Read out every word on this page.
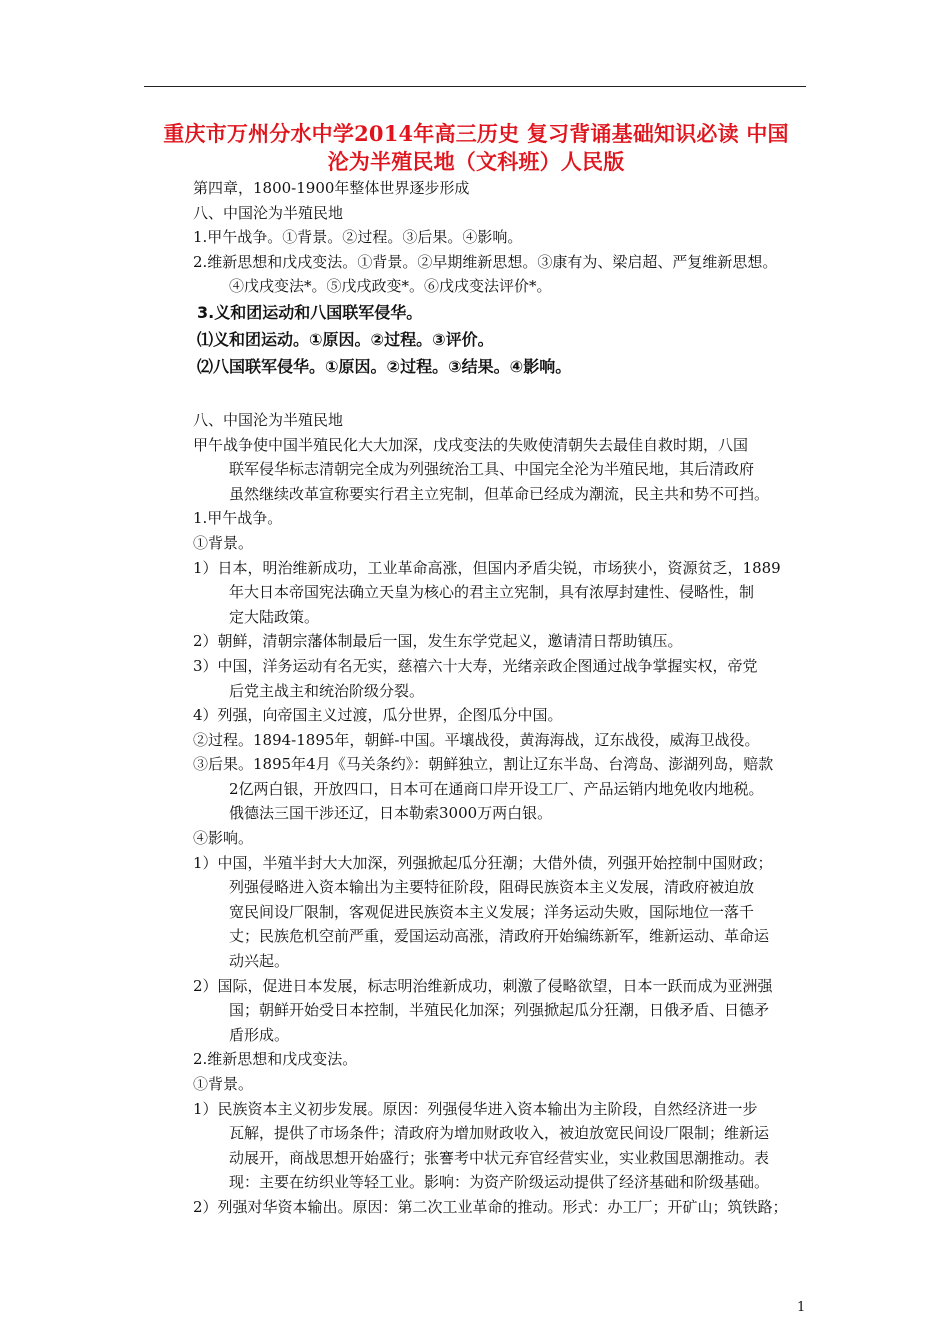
重庆市万州分水中学2014年高三历史 复习背诵基础知识必读 中国
沦为半殖民地（文科班）人民版
第四章，1800-1900年整体世界逐步形成
八、中国沦为半殖民地
1.甲午战争。①背景。②过程。③后果。④影响。
2.维新思想和戊戌变法。①背景。②早期维新思想。③康有为、梁启超、严复维新思想。
④戊戌变法*。⑤戊戌政变*。⑥戊戌变法评价*。
3.义和团运动和八国联军侵华。
⑴义和团运动。①原因。②过程。③评价。
⑵八国联军侵华。①原因。②过程。③结果。④影响。
八、中国沦为半殖民地
甲午战争使中国半殖民化大大加深，戊戌变法的失败使清朝失去最佳自救时期，八国
联军侵华标志清朝完全成为列强统治工具、中国完全沦为半殖民地，其后清政府
虽然继续改革宣称要实行君主立宪制，但革命已经成为潮流，民主共和势不可挡。
1.甲午战争。
①背景。
1）日本，明治维新成功，工业革命高涨，但国内矛盾尖锐，市场狭小，资源贫乏，1889
年大日本帝国宪法确立天皇为核心的君主立宪制，具有浓厚封建性、侵略性，制
定大陆政策。
2）朝鲜，清朝宗藩体制最后一国，发生东学党起义，邀请清日帮助镇压。
3）中国，洋务运动有名无实，慈禧六十大寿，光绪亲政企图通过战争掌握实权，帝党
后党主战主和统治阶级分裂。
4）列强，向帝国主义过渡，瓜分世界，企图瓜分中国。
②过程。1894-1895年，朝鲜-中国。平壤战役，黄海海战，辽东战役，威海卫战役。
③后果。1895年4月《马关条约》：朝鲜独立，割让辽东半岛、台湾岛、澎湖列岛，赔款
2亿两白银，开放四口，日本可在通商口岸开设工厂、产品运销内地免收内地税。
俄德法三国干涉还辽，日本勒索3000万两白银。
④影响。
1）中国，半殖半封大大加深，列强掀起瓜分狂潮；大借外债，列强开始控制中国财政；
列强侵略进入资本输出为主要特征阶段，阻碍民族资本主义发展，清政府被迫放
宽民间设厂限制，客观促进民族资本主义发展；洋务运动失败，国际地位一落千
丈；民族危机空前严重，爱国运动高涨，清政府开始编练新军，维新运动、革命运
动兴起。
2）国际，促进日本发展，标志明治维新成功，刺激了侵略欲望，日本一跃而成为亚洲强
国；朝鲜开始受日本控制，半殖民化加深；列强掀起瓜分狂潮，日俄矛盾、日德矛
盾形成。
2.维新思想和戊戌变法。
①背景。
1）民族资本主义初步发展。原因：列强侵华进入资本输出为主阶段，自然经济进一步
瓦解，提供了市场条件；清政府为增加财政收入，被迫放宽民间设厂限制；维新运
动展开，商战思想开始盛行；张謇考中状元弃官经营实业，实业救国思潮推动。表
现：主要在纺织业等轻工业。影响：为资产阶级运动提供了经济基础和阶级基础。
2）列强对华资本输出。原因：第二次工业革命的推动。形式：办工厂；开矿山；筑铁路；
1
